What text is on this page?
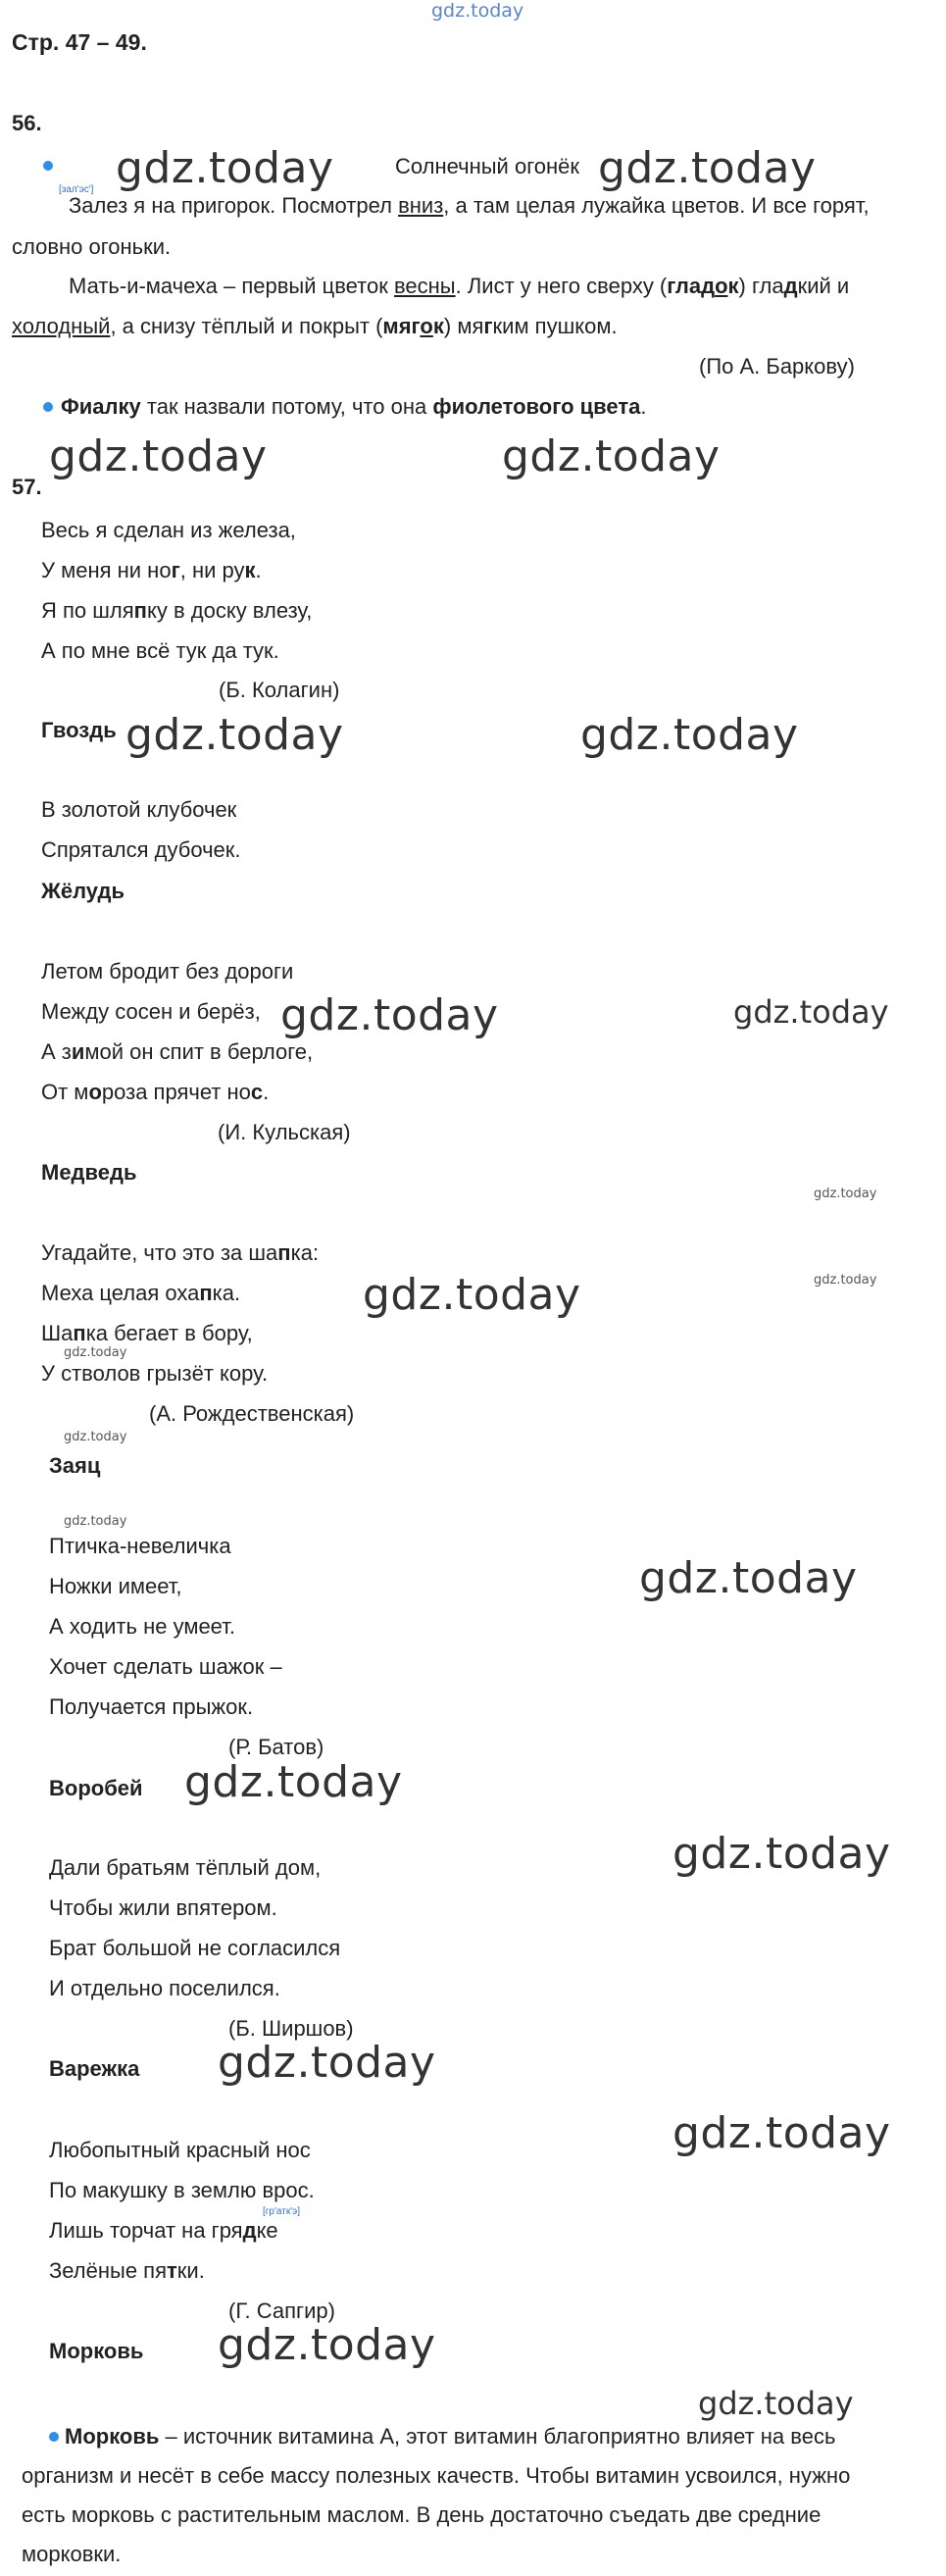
gdz.today
Стр. 47 – 49.
56.
gdz.today	Солнечный огонёк gdz.today
[зал'эс']
Залез я на пригорок. Посмотрел вниз, а там целая лужайка цветов. И все горят,
словно огоньки.
Мать-и-мачеха – первый цветок весны. Лист у него сверху (гладок) гладкий и
холодный, а снизу тёплый и покрыт (мягок) мягким пушком.
(По А. Баркову)
Фиалку так назвали потому, что она фиолетового цвета.
gdz.today	gdz.today
57.
Весь я сделан из железа,
У меня ни ног, ни рук.
Я по шляпку в доску влезу,
А по мне всё тук да тук.
(Б. Колагин)
Гвоздь gdz.today	gdz.today
В золотой клубочек
Спрятался дубочек.
Жёлудь
Летом бродит без дороги
Между сосен и берёз, gdz.today	gdz.today
А зимой он спит в берлоге,
От мороза прячет нос.
(И. Кульская)
Медведь
gdz.today
Угадайте, что это за шапка:
gdz.today
Меха целая охапка.	gdz.today
Шапка бегает в бору,
gdz.today
У стволов грызёт кору.
(А. Рождественская)
gdz.today
Заяц
gdz.today
Птичка-невеличка
Ножки имеет,	gdz.today
А ходить не умеет.
Хочет сделать шажок –
Получается прыжок.
(Р. Батов)
Воробей gdz.today
gdz.today
Дали братьям тёплый дом,
Чтобы жили впятером.
Брат большой не согласился
И отдельно поселился.
(Б. Ширшов)
Варежка gdz.today
gdz.today
Любопытный красный нос
По макушку в землю врос.
[гр'атк'э]
Лишь торчат на грядке
Зелёные пятки.
(Г. Сапгир)
Морковь gdz.today
gdz.today
Морковь – источник витамина А, этот витамин благоприятно влияет на весь
организм и несёт в себе массу полезных качеств. Чтобы витамин усвоился, нужно
есть морковь с растительным маслом. В день достаточно съедать две средние
морковки.
